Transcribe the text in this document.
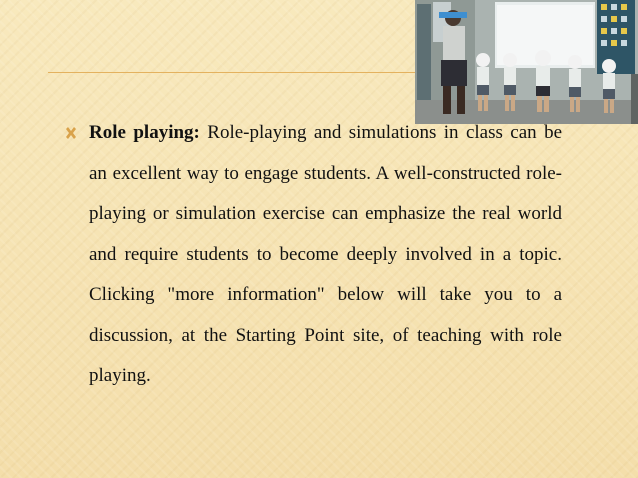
Role playing: Role-playing and simulations in class can be an excellent way to engage students. A well-constructed role-playing or simulation exercise can emphasize the real world and require students to become deeply involved in a topic. Clicking "more information" below will take you to a discussion, at the Starting Point site, of teaching with role playing.
